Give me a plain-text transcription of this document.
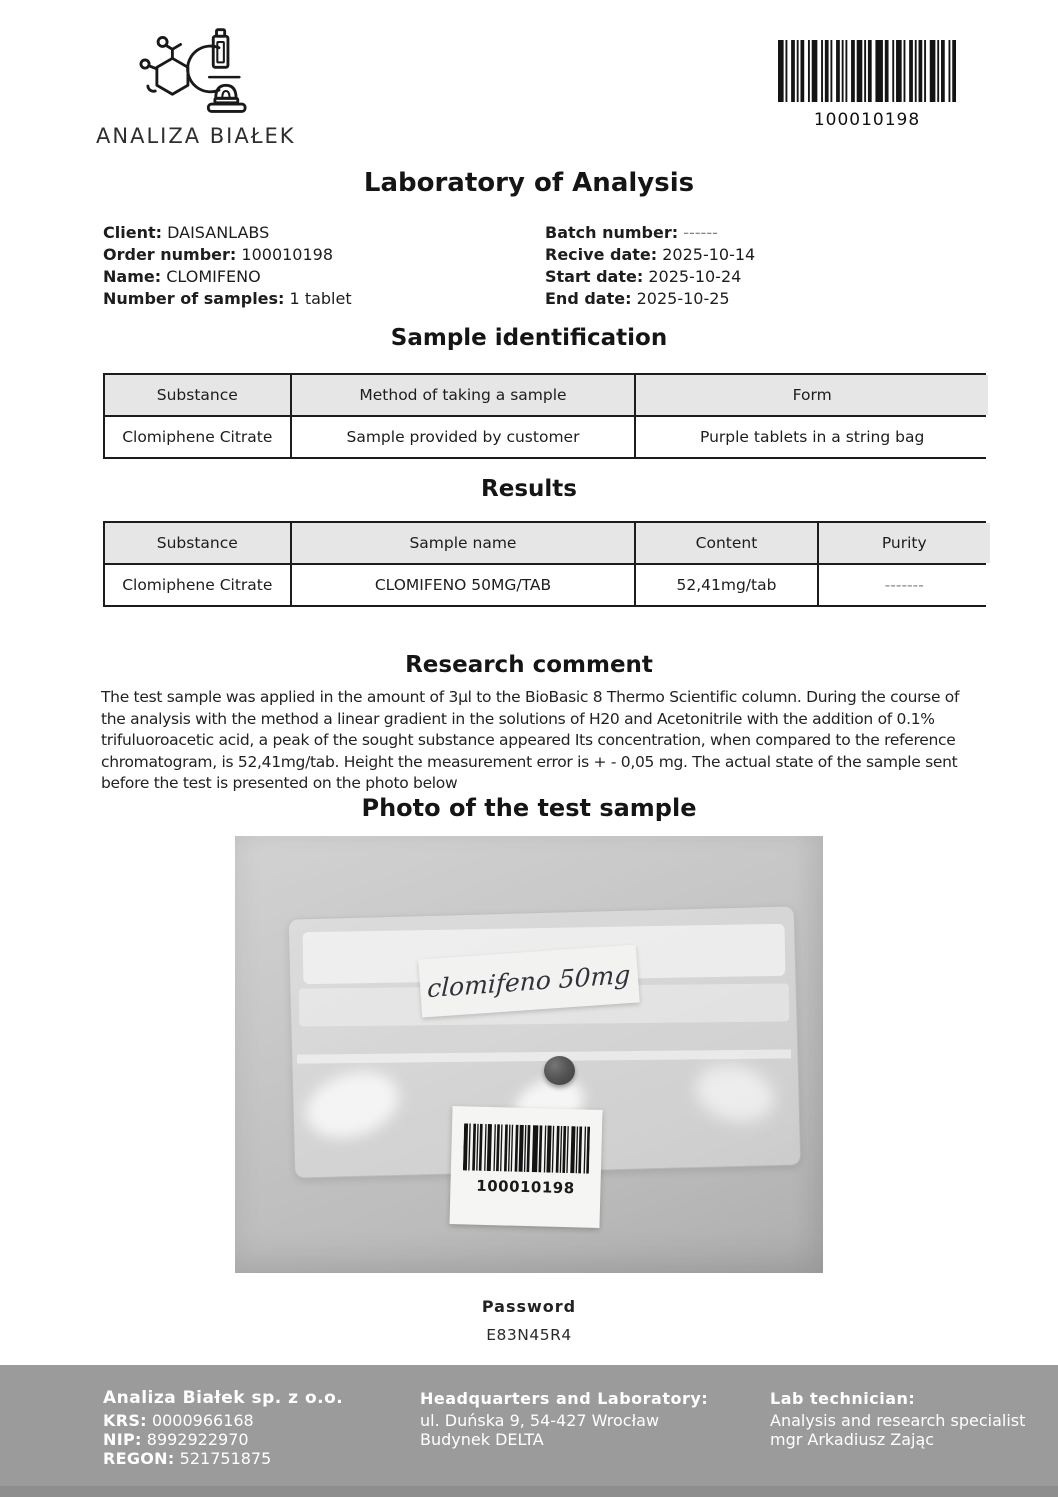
ANALIZA BIAŁEK
100010198
Laboratory of Analysis
Client: DAISANLABS
Order number: 100010198
Name: CLOMIFENO
Number of samples: 1 tablet
Batch number: ------
Recive date: 2025-10-14
Start date: 2025-10-24
End date: 2025-10-25
Sample identification
Substance	Method of taking a sample	Form
Clomiphene Citrate	Sample provided by customer	Purple tablets in a string bag
Results
Substance	Sample name	Content	Purity
Clomiphene Citrate	CLOMIFENO 50MG/TAB	52,41mg/tab	-------
Research comment
The test sample was applied in the amount of 3µl to the BioBasic 8 Thermo Scientific column. During the course of the analysis with the method a linear gradient in the solutions of H20 and Acetonitrile with the addition of 0.1% trifuluoroacetic acid, a peak of the sought substance appeared Its concentration, when compared to the reference chromatogram, is 52,41mg/tab. Height the measurement error is + - 0,05 mg. The actual state of the sample sent before the test is presented on the photo below
Photo of the test sample
clomifeno 50mg
100010198
Password
E83N45R4
Analiza Białek sp. z o.o.
KRS: 0000966168
NIP: 8992922970
REGON: 521751875
Headquarters and Laboratory:
ul. Duńska 9, 54-427 Wrocław
Budynek DELTA
Lab technician:
Analysis and research specialist
mgr Arkadiusz Zając
